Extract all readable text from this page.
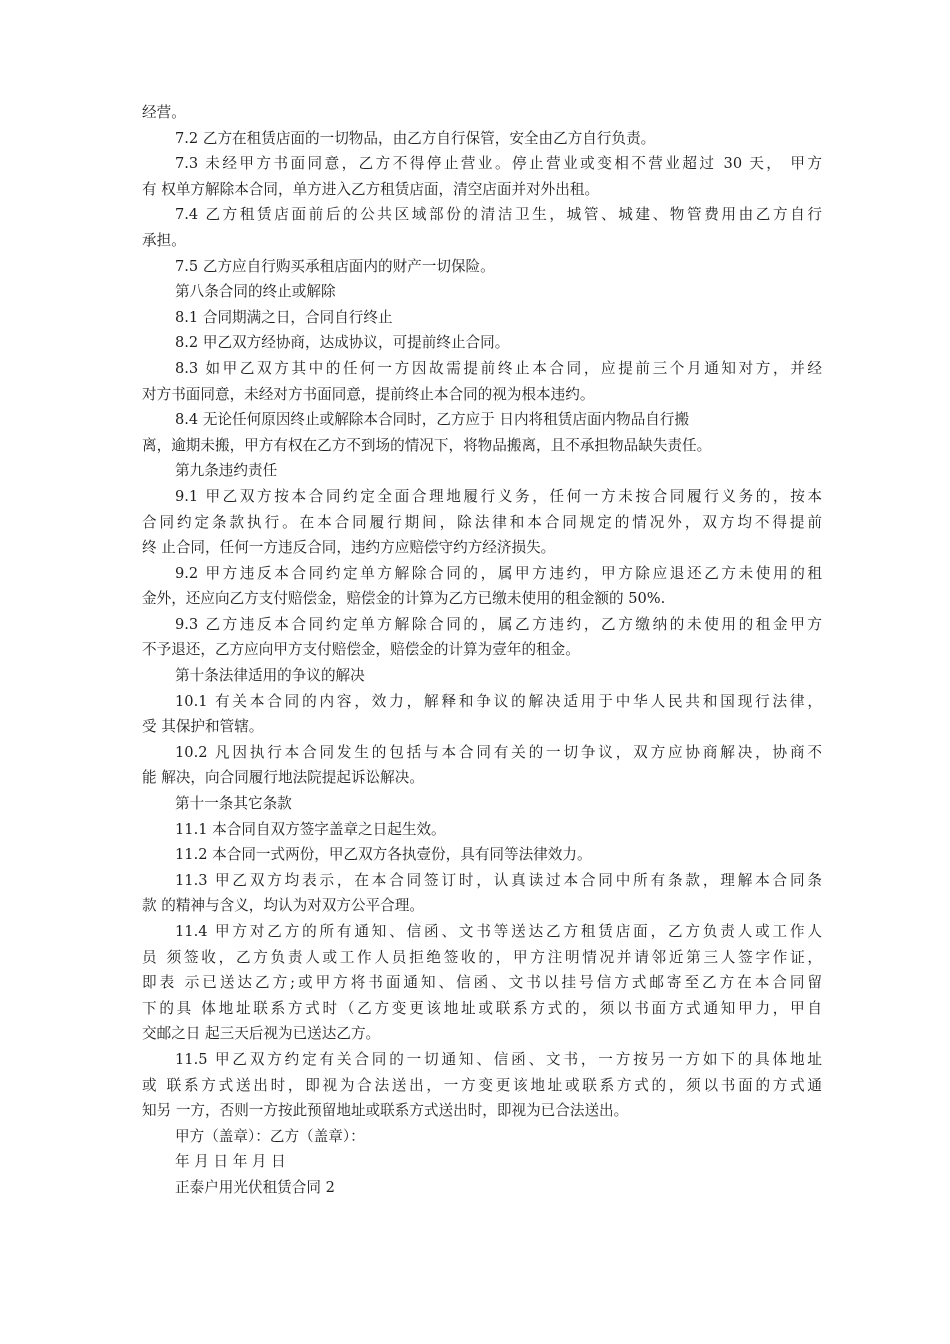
经营。
7.2 乙方在租赁店面的一切物品，由乙方自行保管，安全由乙方自行负责。
7.3 未经甲方书面同意，乙方不得停止营业。停止营业或变相不营业超过 30 天， 甲方
有 权单方解除本合同，单方进入乙方租赁店面，清空店面并对外出租。
7.4 乙方租赁店面前后的公共区域部份的清洁卫生，城管、城建、物管费用由乙方自行
承担。
7.5 乙方应自行购买承租店面内的财产一切保险。
第八条合同的终止或解除
8.1 合同期满之日，合同自行终止
8.2 甲乙双方经协商，达成协议，可提前终止合同。
8.3 如甲乙双方其中的任何一方因故需提前终止本合同，应提前三个月通知对方，并经
对方书面同意，未经对方书面同意，提前终止本合同的视为根本违约。
8.4 无论任何原因终止或解除本合同时，乙方应于 日内将租赁店面内物品自行搬
离，逾期未搬，甲方有权在乙方不到场的情况下，将物品搬离，且不承担物品缺失责任。
第九条违约责任
9.1 甲乙双方按本合同约定全面合理地履行义务，任何一方未按合同履行义务的，按本
合同约定条款执行。在本合同履行期间，除法律和本合同规定的情况外，双方均不得提前
终 止合同，任何一方违反合同，违约方应赔偿守约方经济损失。
9.2 甲方违反本合同约定单方解除合同的，属甲方违约，甲方除应退还乙方未使用的租
金外，还应向乙方支付赔偿金，赔偿金的计算为乙方已缴未使用的租金额的 50%.
9.3 乙方违反本合同约定单方解除合同的，属乙方违约，乙方缴纳的未使用的租金甲方
不予退还，乙方应向甲方支付赔偿金，赔偿金的计算为壹年的租金。
第十条法律适用的争议的解决
10.1 有关本合同的内容，效力，解释和争议的解决适用于中华人民共和国现行法律，
受 其保护和管辖。
10.2 凡因执行本合同发生的包括与本合同有关的一切争议，双方应协商解决，协商不
能 解决，向合同履行地法院提起诉讼解决。
第十一条其它条款
11.1 本合同自双方签字盖章之日起生效。
11.2 本合同一式两份，甲乙双方各执壹份，具有同等法律效力。
11.3 甲乙双方均表示，在本合同签订时，认真读过本合同中所有条款，理解本合同条
款 的精神与含义，均认为对双方公平合理。
11.4 甲方对乙方的所有通知、信函、文书等送达乙方租赁店面，乙方负责人或工作人
员 须签收，乙方负责人或工作人员拒绝签收的，甲方注明情况并请邻近第三人签字作证，
即表 示已送达乙方;或甲方将书面通知、信函、文书以挂号信方式邮寄至乙方在本合同留
下的具 体地址联系方式时（乙方变更该地址或联系方式的，须以书面方式通知甲力，甲自
交邮之日 起三天后视为已送达乙方。
11.5 甲乙双方约定有关合同的一切通知、信函、文书，一方按另一方如下的具体地址
或 联系方式送出时，即视为合法送出，一方变更该地址或联系方式的，须以书面的方式通
知另 一方，否则一方按此预留地址或联系方式送出时，即视为已合法送出。
甲方（盖章）：乙方（盖章）：
年 月 日 年 月 日
正泰户用光伏租赁合同 2
